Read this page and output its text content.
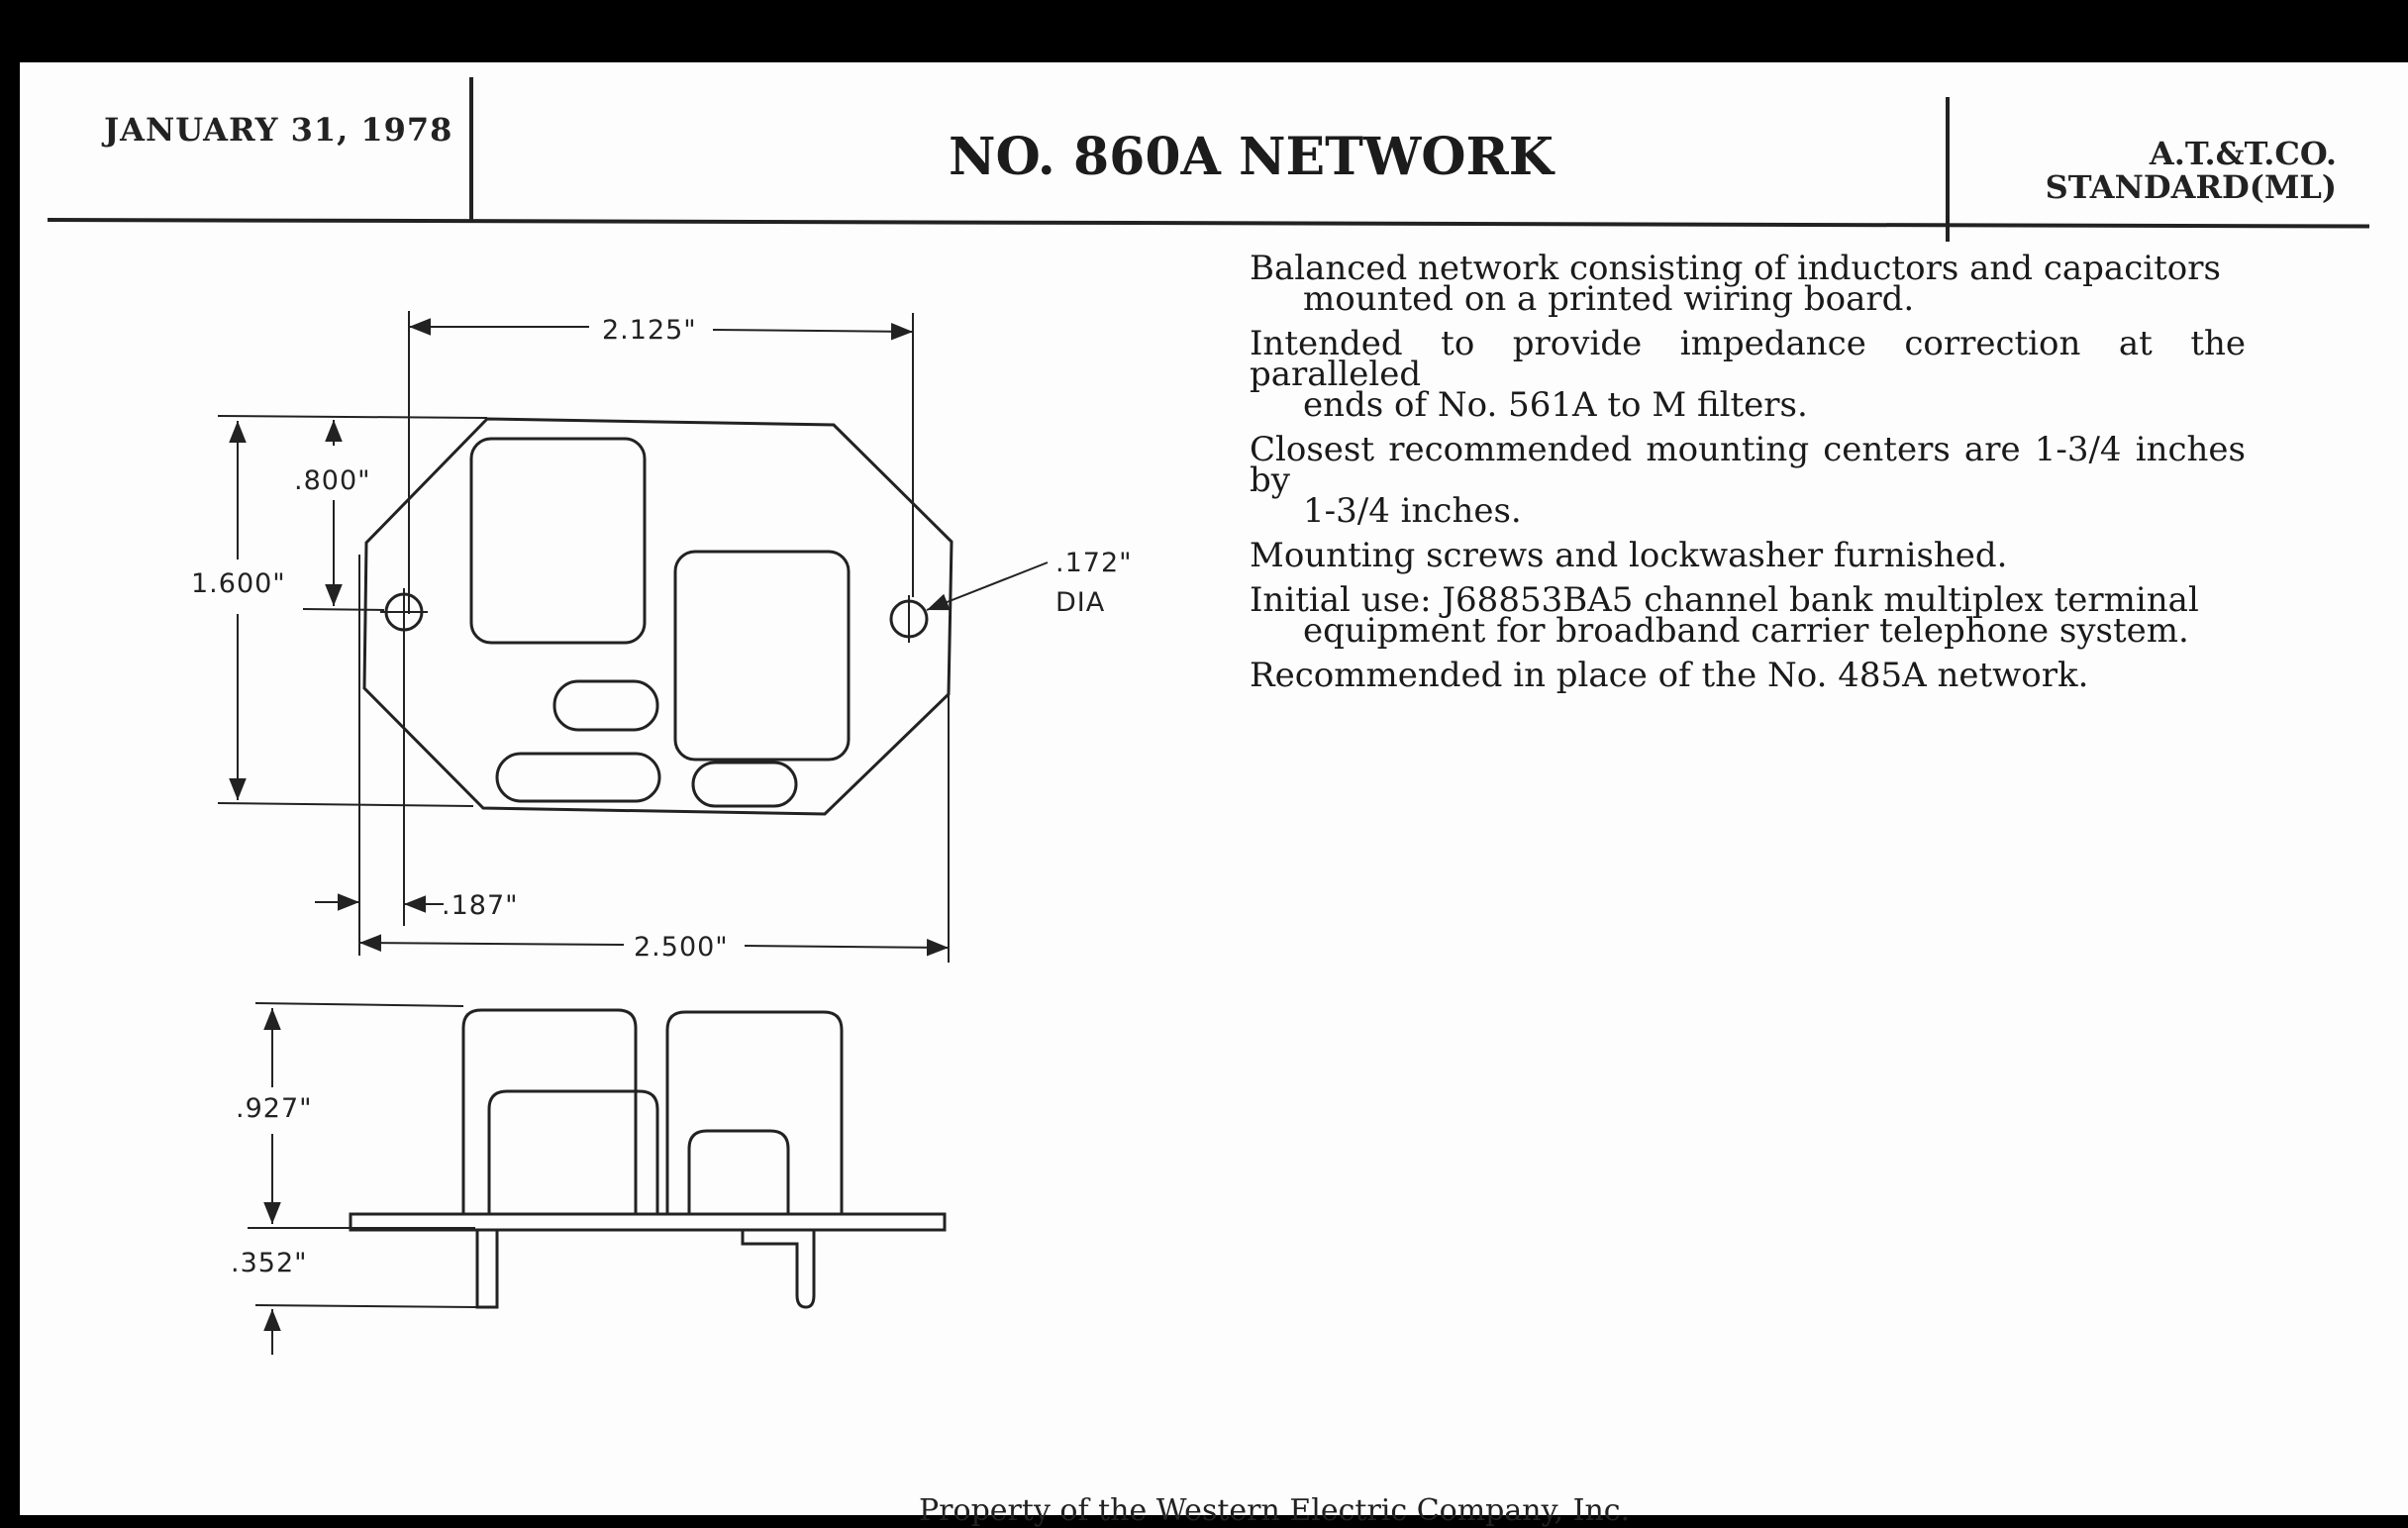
JANUARY 31, 1978	NO. 860A NETWORK	A.T.&T.CO.
STANDARD(ML)

Balanced network consisting of inductors and capacitors
mounted on a printed wiring board.

Intended to provide impedance correction at the paralleled
ends of No. 561A to M filters.

Closest recommended mounting centers are 1-3/4 inches by
1-3/4 inches.

Mounting screws and lockwasher furnished.

Initial use: J68853BA5 channel bank multiplex terminal
equipment for broadband carrier telephone system.

Recommended in place of the No. 485A network.

2.125"
.800"
1.600"
.172"
DIA
.187"
2.500"
.927"
.352"
Property of the Western Electric Company, Inc.
